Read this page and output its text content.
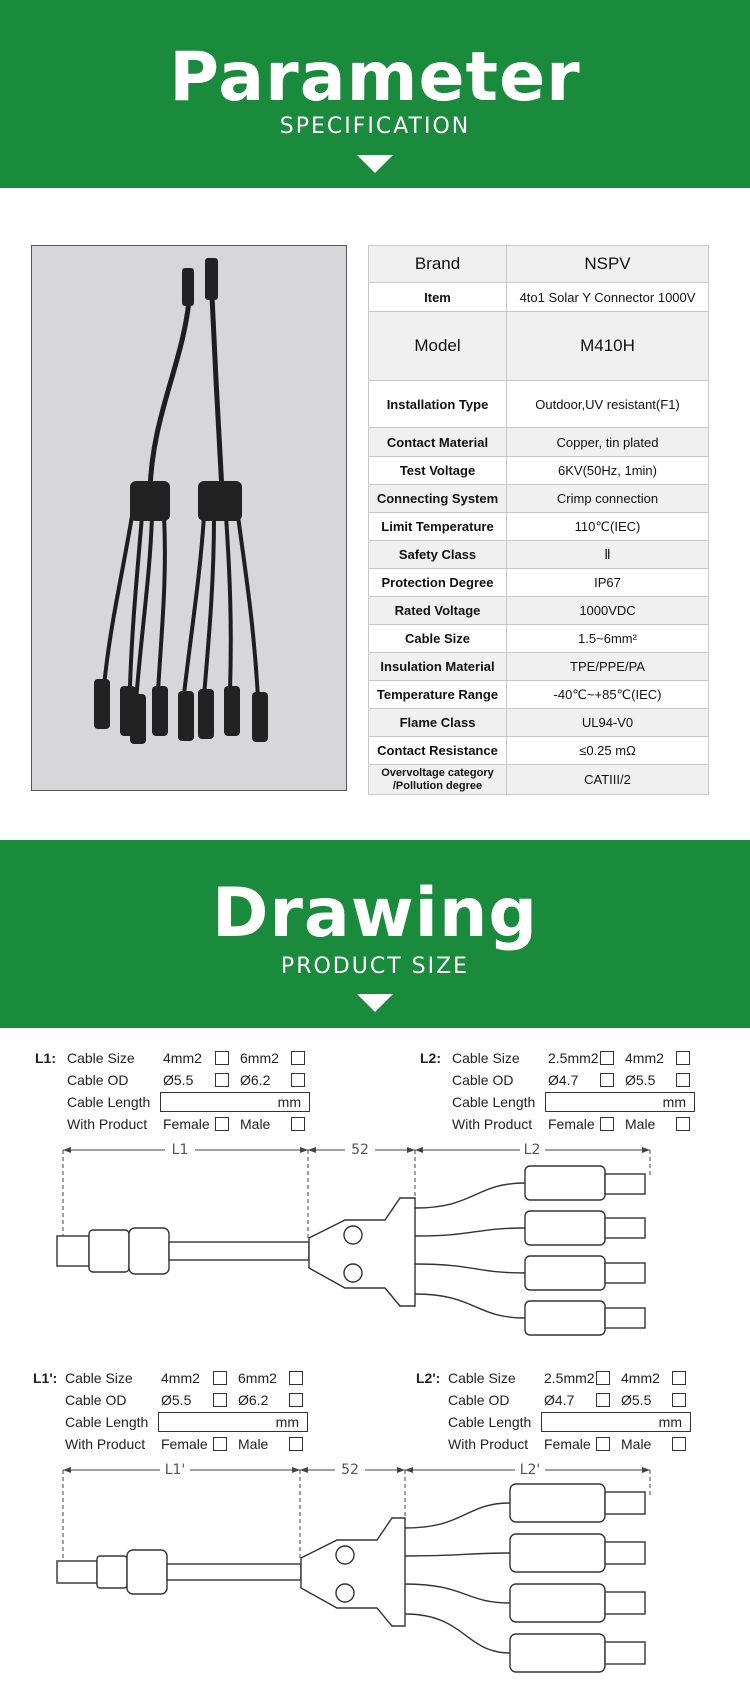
Parameter
SPECIFICATION
Brand	NSPV
Item	4to1 Solar Y Connector 1000V
Model	M410H
Installation Type	Outdoor,UV resistant(F1)
Contact Material	Copper, tin plated
Test Voltage	6KV(50Hz, 1min)
Connecting System	Crimp connection
Limit Temperature	110℃(IEC)
Safety Class	Ⅱ
Protection Degree	IP67
Rated Voltage	1000VDC
Cable Size	1.5~6mm²
Insulation Material	TPE/PPE/PA
Temperature Range	-40℃~+85℃(IEC)
Flame Class	UL94-V0
Contact Resistance	≤0.25 mΩ
Overvoltage category /Pollution degree	CATIII/2
Drawing
PRODUCT SIZE
L1: Cable Size 4mm2	6mm2
Cable OD Ø5.5	Ø6.2
Cable Length	mm
With Product Female Male
L2: Cable Size 2.5mm2 4mm2
Cable OD Ø4.7	Ø5.5
Cable Length	mm
With Product Female Male
L1': Cable Size 4mm2	6mm2
Cable OD Ø5.5	Ø6.2
Cable Length	mm
With Product Female Male
L2': Cable Size 2.5mm2 4mm2
Cable OD Ø4.7	Ø5.5
Cable Length	mm
With Product Female Male
L1	52	L2
L1'	52	L2'
